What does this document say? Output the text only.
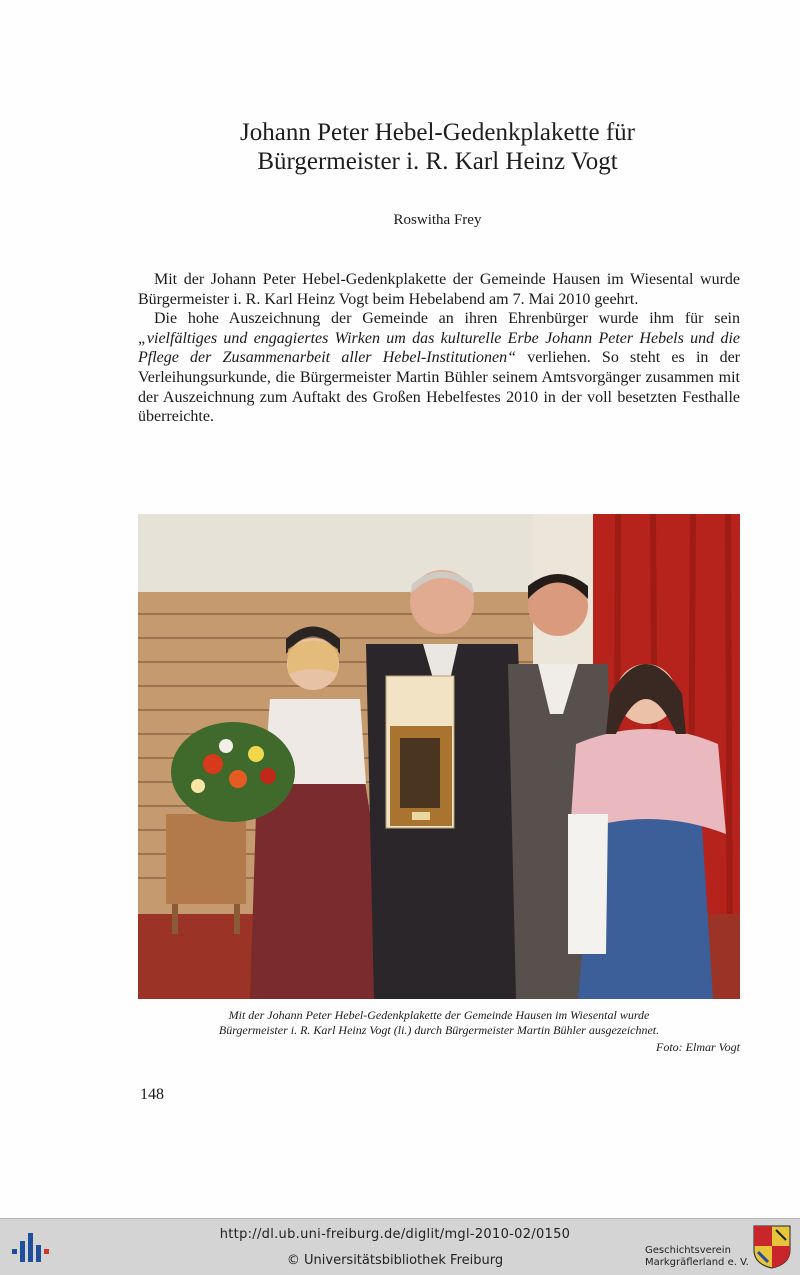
Johann Peter Hebel-Gedenkplakette für
Bürgermeister i. R. Karl Heinz Vogt
Roswitha Frey

Mit der Johann Peter Hebel-Gedenkplakette der Gemeinde Hausen im Wiesental wurde Bürgermeister i. R. Karl Heinz Vogt beim Hebelabend am 7. Mai 2010 geehrt.

Die hohe Auszeichnung der Gemeinde an ihren Ehrenbürger wurde ihm für sein „vielfältiges und engagiertes Wirken um das kulturelle Erbe Johann Peter Hebels und die Pflege der Zusammenarbeit aller Hebel-Institutionen“ verliehen. So steht es in der Verleihungsurkunde, die Bürgermeister Martin Bühler seinem Amtsvorgänger zusammen mit der Auszeichnung zum Auftakt des Großen Hebelfestes 2010 in der voll besetzten Festhalle überreichte.

Mit der Johann Peter Hebel-Gedenkplakette der Gemeinde Hausen im Wiesental wurde
Bürgermeister i. R. Karl Heinz Vogt (li.) durch Bürgermeister Martin Bühler ausgezeichnet.
Foto: Elmar Vogt
148
http://dl.ub.uni-freiburg.de/diglit/mgl-2010-02/0150
© Universitätsbibliothek Freiburg
Geschichtsverein
Markgräflerland e. V.
